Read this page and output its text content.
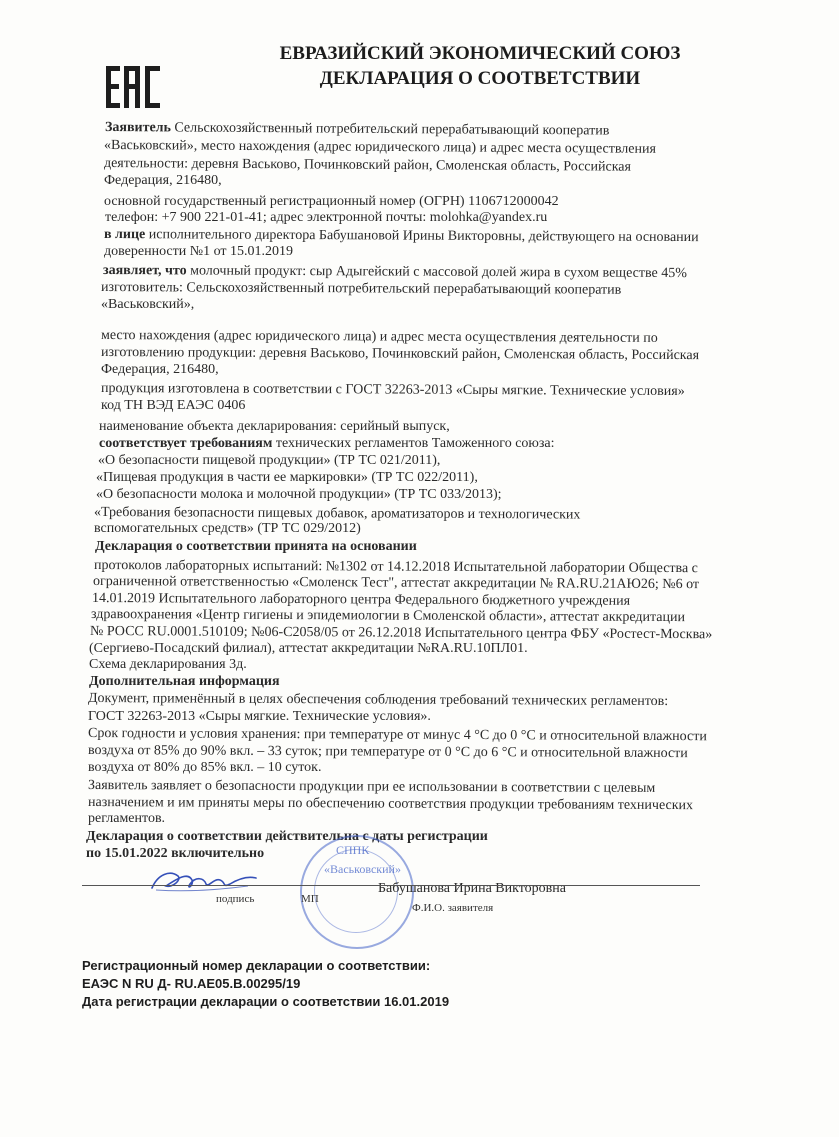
ЕВРАЗИЙСКИЙ ЭКОНОМИЧЕСКИЙ СОЮЗ
ДЕКЛАРАЦИЯ О СООТВЕТСТВИИ
Заявитель Сельскохозяйственный потребительский перерабатывающий кооператив
«Васьковский», место нахождения (адрес юридического лица) и адрес места осуществления
деятельности: деревня Васьково, Починковский район, Смоленская область, Российская
Федерация, 216480,
основной государственный регистрационный номер (ОГРН) 1106712000042
телефон: +7 900 221-01-41; адрес электронной почты: molohka@yandex.ru
в лице исполнительного директора Бабушановой Ирины Викторовны, действующего на основании
доверенности №1 от 15.01.2019
заявляет, что молочный продукт: сыр Адыгейский с массовой долей жира в сухом веществе 45%
изготовитель: Сельскохозяйственный потребительский перерабатывающий кооператив
«Васьковский»,
место нахождения (адрес юридического лица) и адрес места осуществления деятельности по
изготовлению продукции: деревня Васьково, Починковский район, Смоленская область, Российская
Федерация, 216480,
продукция изготовлена в соответствии с ГОСТ 32263-2013 «Сыры мягкие. Технические условия»
код ТН ВЭД ЕАЭС 0406
наименование объекта декларирования: серийный выпуск,
соответствует требованиям технических регламентов Таможенного союза:
«О безопасности пищевой продукции» (ТР ТС 021/2011),
«Пищевая продукция в части ее маркировки» (ТР ТС 022/2011),
«О безопасности молока и молочной продукции» (ТР ТС 033/2013);
«Требования безопасности пищевых добавок, ароматизаторов и технологических
вспомогательных средств» (ТР ТС 029/2012)
Декларация о соответствии принята на основании
протоколов лабораторных испытаний: №1302 от 14.12.2018 Испытательной лаборатории Общества с
ограниченной ответственностью «Смоленск Тест", аттестат аккредитации № RA.RU.21АЮ26; №6 от
14.01.2019 Испытательного лабораторного центра Федерального бюджетного учреждения
здравоохранения «Центр гигиены и эпидемиологии в Смоленской области», аттестат аккредитации
№ РОСС RU.0001.510109; №06-С2058/05 от 26.12.2018 Испытательного центра ФБУ «Ростест-Москва»
(Сергиево-Посадский филиал), аттестат аккредитации №RA.RU.10ПЛ01.
Схема декларирования 3д.
Дополнительная информация
Документ, применённый в целях обеспечения соблюдения требований технических регламентов:
ГОСТ 32263-2013 «Сыры мягкие. Технические условия».
Срок годности и условия хранения: при температуре от минус 4 °С до 0 °С и относительной влажности
воздуха от 85% до 90% вкл. – 33 суток; при температуре от 0 °С до 6 °С и относительной влажности
воздуха от 80% до 85% вкл. – 10 суток.
Заявитель заявляет о безопасности продукции при ее использовании в соответствии с целевым
назначением и им приняты меры по обеспечению соответствия продукции требованиям технических
регламентов.
Декларация о соответствии действительна с даты регистрации
по 15.01.2022 включительно	СППК
«Васьковский»
Бабушанова Ирина Викторовна
подпись	МП
Ф.И.О. заявителя
Регистрационный номер декларации о соответствии:
ЕАЭС N RU Д- RU.АЕ05.В.00295/19
Дата регистрации декларации о соответствии 16.01.2019
